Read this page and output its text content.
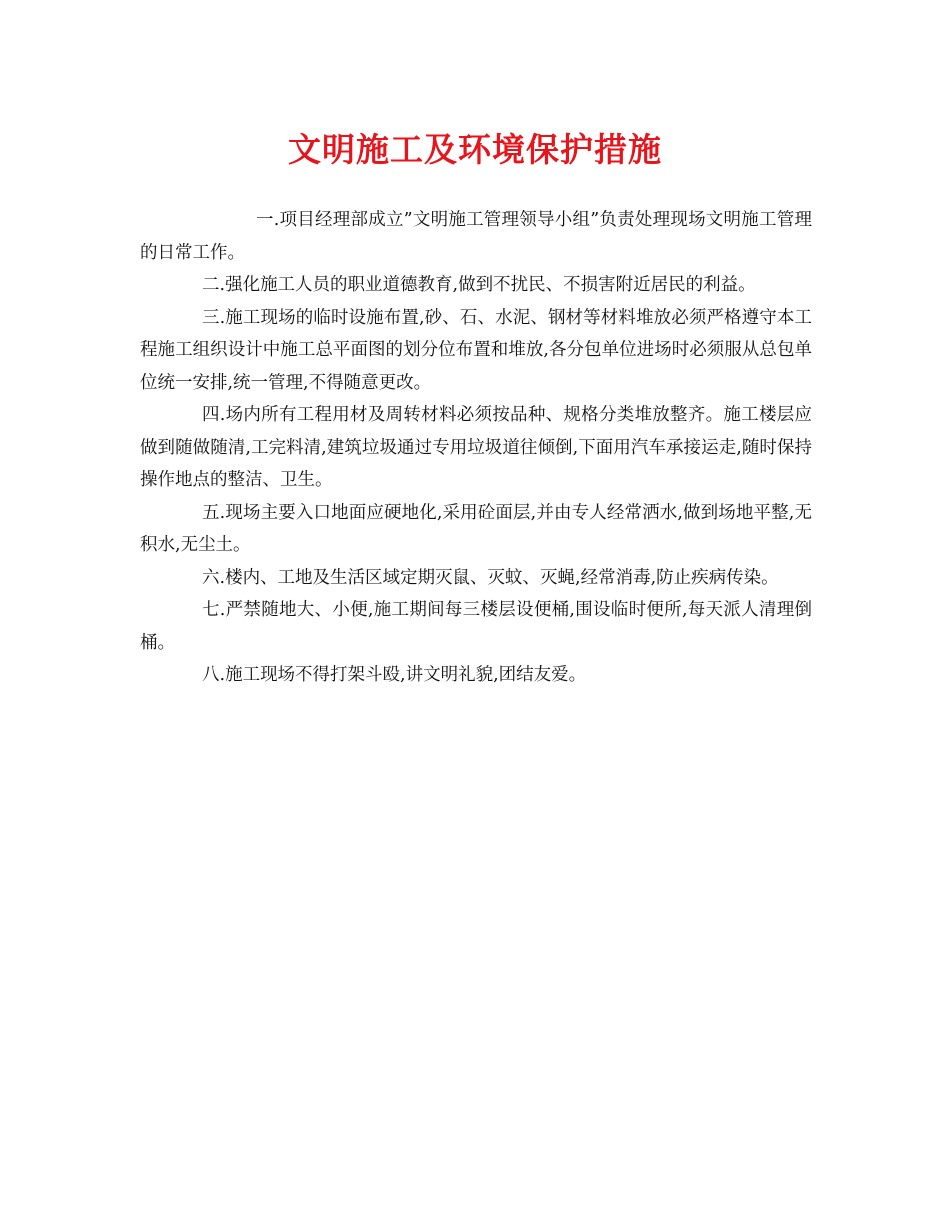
文明施工及环境保护措施

一.项目经理部成立”文明施工管理领导小组”负责处理现场文明施工管理的日常工作。

二.强化施工人员的职业道德教育,做到不扰民、不损害附近居民的利益。

三.施工现场的临时设施布置,砂、石、水泥、钢材等材料堆放必须严格遵守本工程施工组织设计中施工总平面图的划分位布置和堆放,各分包单位进场时必须服从总包单位统一安排,统一管理,不得随意更改。

四.场内所有工程用材及周转材料必须按品种、规格分类堆放整齐。施工楼层应做到随做随清,工完料清,建筑垃圾通过专用垃圾道往倾倒,下面用汽车承接运走,随时保持操作地点的整洁、卫生。

五.现场主要入口地面应硬地化,采用砼面层,并由专人经常洒水,做到场地平整,无积水,无尘土。

六.楼内、工地及生活区域定期灭鼠、灭蚊、灭蝇,经常消毒,防止疾病传染。

七.严禁随地大、小便,施工期间每三楼层设便桶,围设临时便所,每天派人清理倒桶。

八.施工现场不得打架斗殴,讲文明礼貌,团结友爱。
